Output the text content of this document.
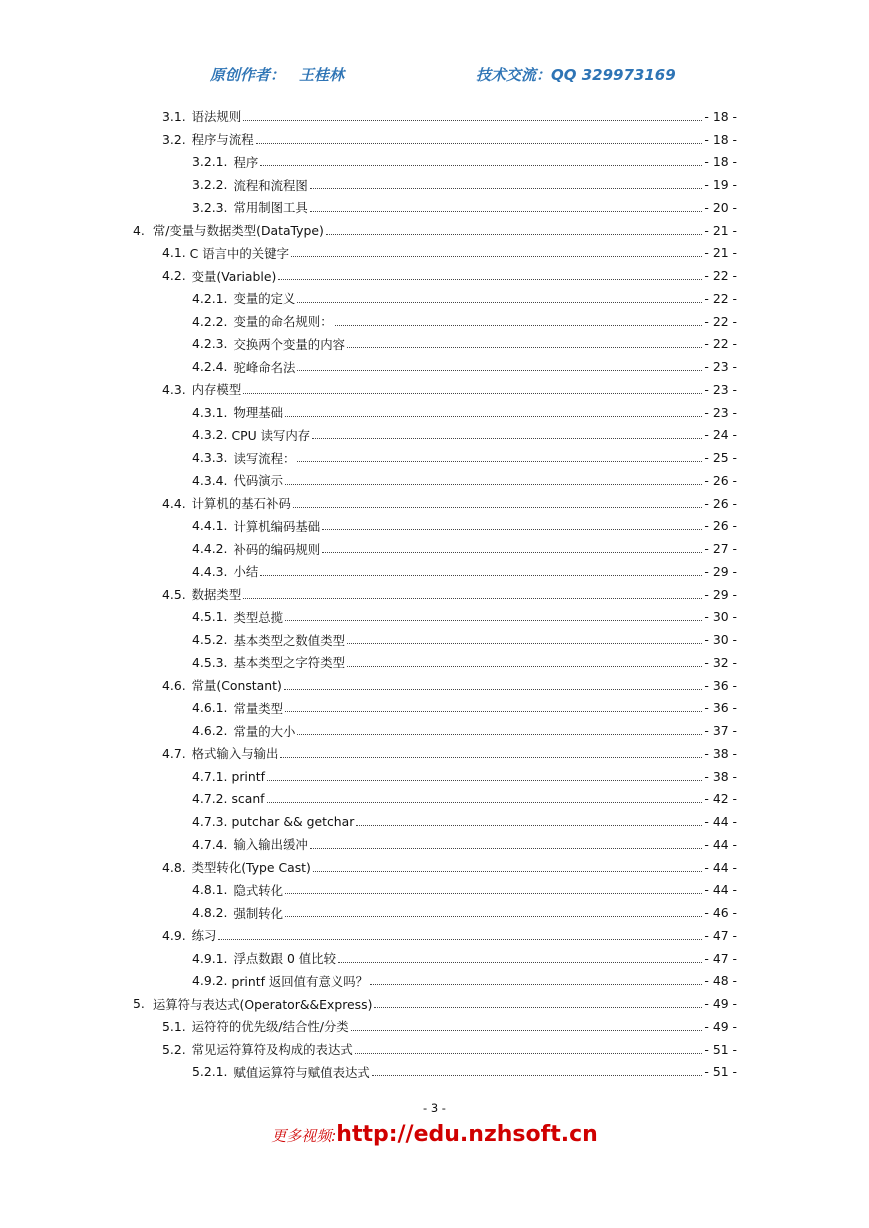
原创作者： 王桂林	技术交流：QQ 329973169
3.1. 语法规则	- 18 -
3.2. 程序与流程	- 18 -
3.2.1. 程序	- 18 -
3.2.2. 流程和流程图	- 19 -
3.2.3. 常用制图工具	- 20 -
4. 常/变量与数据类型(DataType)	- 21 -
4.1. C 语言中的关键字	- 21 -
4.2. 变量(Variable)	- 22 -
4.2.1. 变量的定义	- 22 -
4.2.2. 变量的命名规则：	- 22 -
4.2.3. 交换两个变量的内容	- 22 -
4.2.4. 驼峰命名法	- 23 -
4.3. 内存模型	- 23 -
4.3.1. 物理基础	- 23 -
4.3.2. CPU 读写内存	- 24 -
4.3.3. 读写流程：	- 25 -
4.3.4. 代码演示	- 26 -
4.4. 计算机的基石补码	- 26 -
4.4.1. 计算机编码基础	- 26 -
4.4.2. 补码的编码规则	- 27 -
4.4.3. 小结	- 29 -
4.5. 数据类型	- 29 -
4.5.1. 类型总揽	- 30 -
4.5.2. 基本类型之数值类型	- 30 -
4.5.3. 基本类型之字符类型	- 32 -
4.6. 常量(Constant)	- 36 -
4.6.1. 常量类型	- 36 -
4.6.2. 常量的大小	- 37 -
4.7. 格式输入与输出	- 38 -
4.7.1. printf	- 38 -
4.7.2. scanf	- 42 -
4.7.3. putchar && getchar	- 44 -
4.7.4. 输入输出缓冲	- 44 -
4.8. 类型转化(Type Cast)	- 44 -
4.8.1. 隐式转化	- 44 -
4.8.2. 强制转化	- 46 -
4.9. 练习	- 47 -
4.9.1. 浮点数跟 0 值比较	- 47 -
4.9.2. printf 返回值有意义吗？	- 48 -
5. 运算符与表达式(Operator&&Express)	- 49 -
5.1. 运符符的优先级/结合性/分类	- 49 -
5.2. 常见运符算符及构成的表达式	- 51 -
5.2.1. 赋值运算符与赋值表达式	- 51 -
- 3 -
更多视频:http://edu.nzhsoft.cn
